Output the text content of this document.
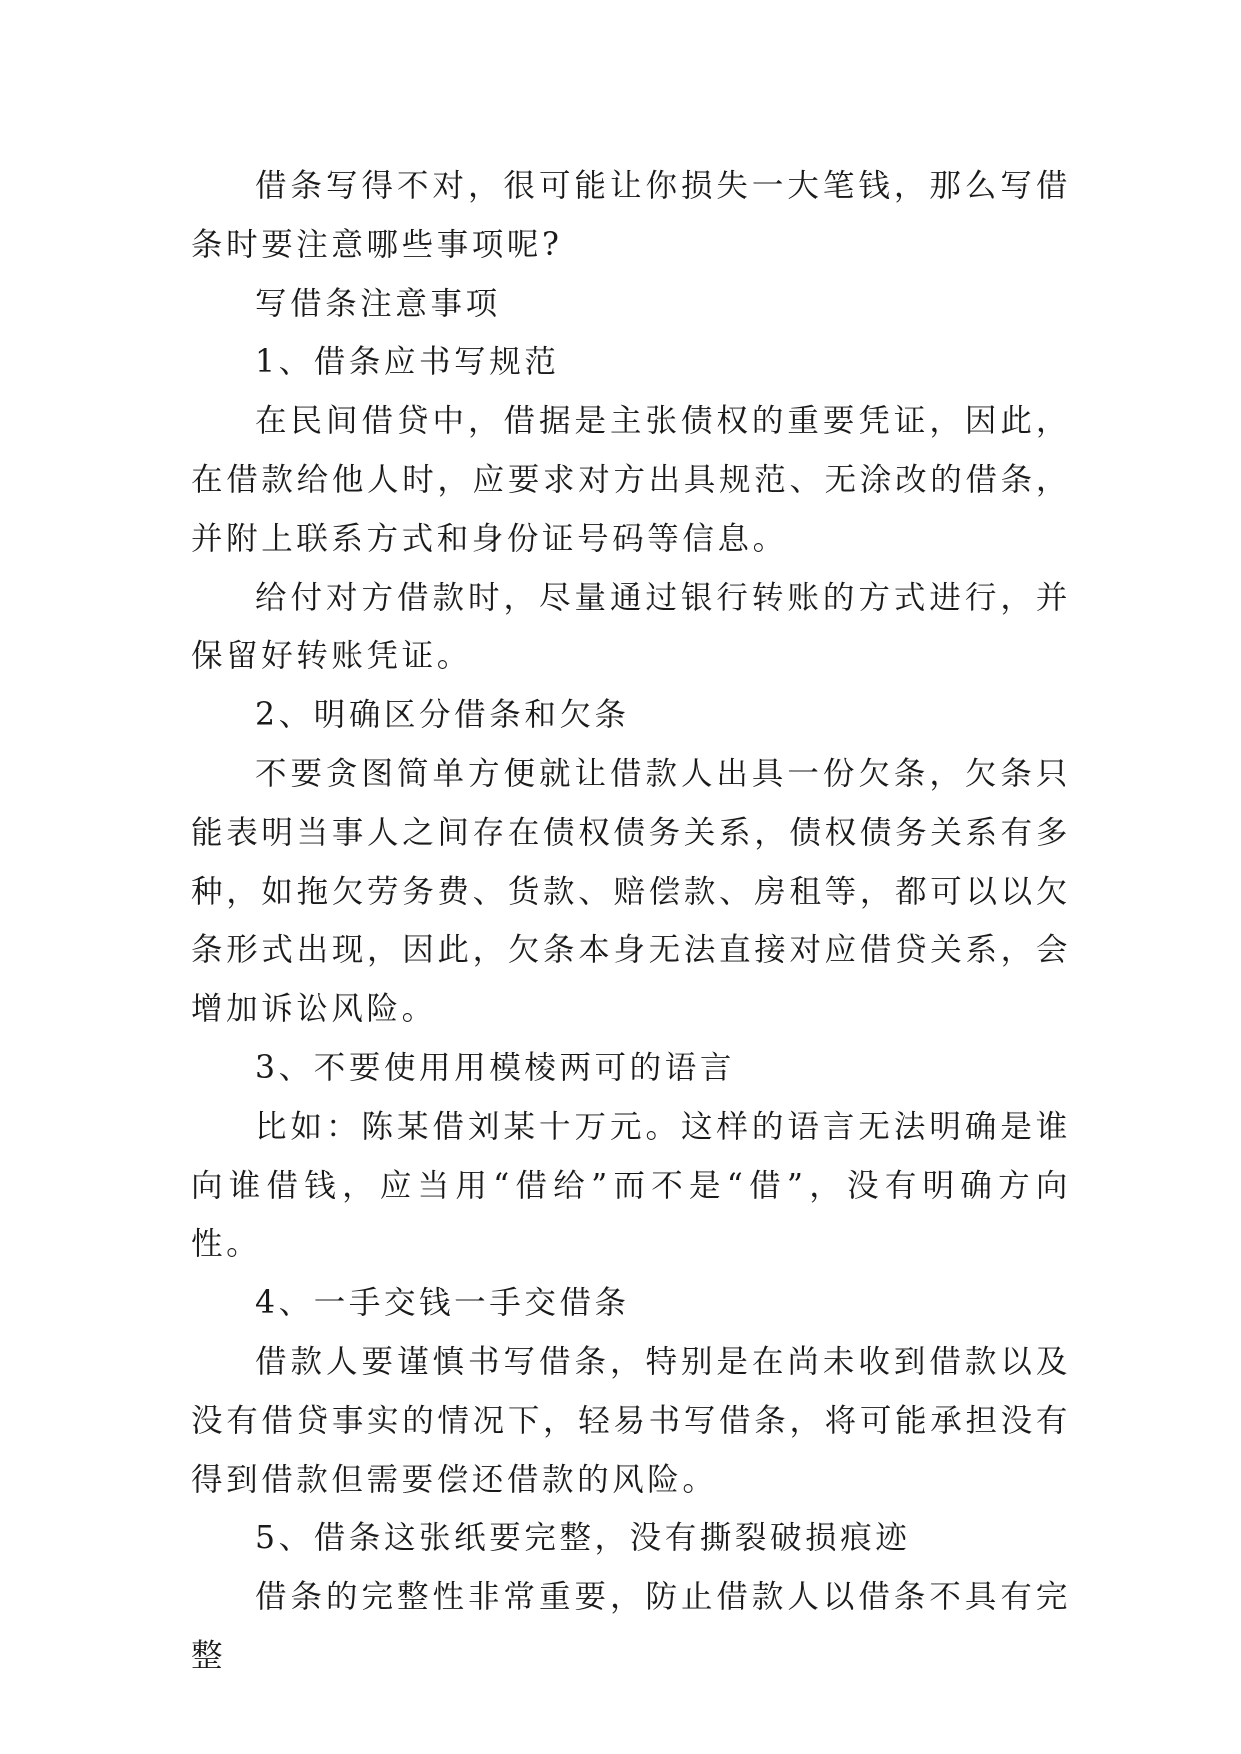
借条写得不对，很可能让你损失一大笔钱，那么写借条时要注意哪些事项呢?

写借条注意事项

1、借条应书写规范

在民间借贷中，借据是主张债权的重要凭证，因此，在借款给他人时，应要求对方出具规范、无涂改的借条，并附上联系方式和身份证号码等信息。

给付对方借款时，尽量通过银行转账的方式进行，并保留好转账凭证。

2、明确区分借条和欠条

不要贪图简单方便就让借款人出具一份欠条，欠条只能表明当事人之间存在债权债务关系，债权债务关系有多种，如拖欠劳务费、货款、赔偿款、房租等，都可以以欠条形式出现，因此，欠条本身无法直接对应借贷关系，会增加诉讼风险。

3、不要使用用模棱两可的语言

比如：陈某借刘某十万元。这样的语言无法明确是谁向谁借钱，应当用“借给”而不是“借”，没有明确方向性。

4、一手交钱一手交借条

借款人要谨慎书写借条，特别是在尚未收到借款以及没有借贷事实的情况下，轻易书写借条，将可能承担没有得到借款但需要偿还借款的风险。

5、借条这张纸要完整，没有撕裂破损痕迹

借条的完整性非常重要，防止借款人以借条不具有完整
